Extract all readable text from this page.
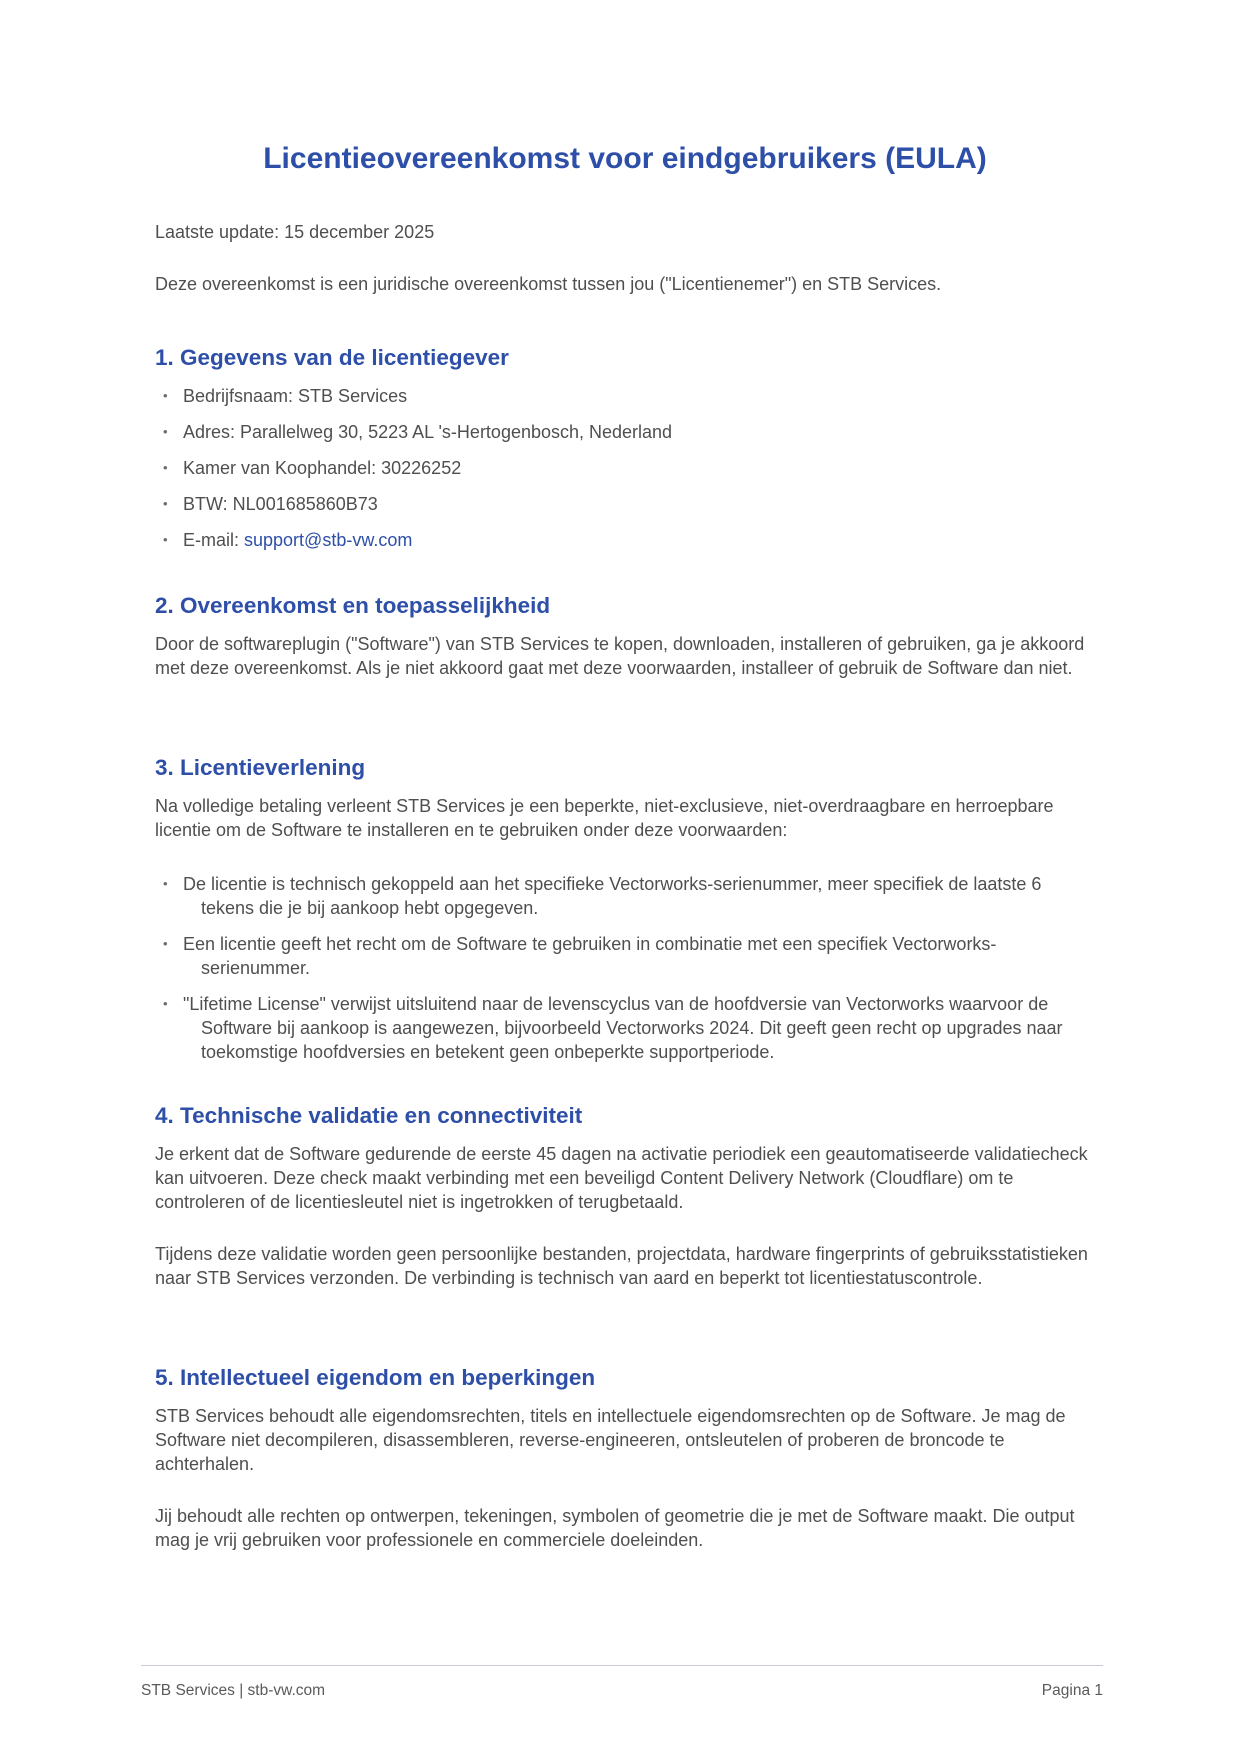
Licentieovereenkomst voor eindgebruikers (EULA)

Laatste update: 15 december 2025

Deze overeenkomst is een juridische overeenkomst tussen jou ("Licentienemer") en STB Services.

1. Gegevens van de licentiegever
• Bedrijfsnaam: STB Services
• Adres: Parallelweg 30, 5223 AL 's-Hertogenbosch, Nederland
• Kamer van Koophandel: 30226252
• BTW: NL001685860B73
• E-mail: support@stb-vw.com
2. Overeenkomst en toepasselijkheid

Door de softwareplugin ("Software") van STB Services te kopen, downloaden, installeren of gebruiken, ga je akkoord met deze overeenkomst. Als je niet akkoord gaat met deze voorwaarden, installeer of gebruik de Software dan niet.

3. Licentieverlening

Na volledige betaling verleent STB Services je een beperkte, niet-exclusieve, niet-overdraagbare en herroepbare licentie om de Software te installeren en te gebruiken onder deze voorwaarden:

• De licentie is technisch gekoppeld aan het specifieke Vectorworks-serienummer, meer specifiek de laatste 6 tekens die je bij aankoop hebt opgegeven.
• Een licentie geeft het recht om de Software te gebruiken in combinatie met een specifiek Vectorworks-serienummer.
• "Lifetime License" verwijst uitsluitend naar de levenscyclus van de hoofdversie van Vectorworks waarvoor de Software bij aankoop is aangewezen, bijvoorbeeld Vectorworks 2024. Dit geeft geen recht op upgrades naar toekomstige hoofdversies en betekent geen onbeperkte supportperiode.
4. Technische validatie en connectiviteit

Je erkent dat de Software gedurende de eerste 45 dagen na activatie periodiek een geautomatiseerde validatiecheck kan uitvoeren. Deze check maakt verbinding met een beveiligd Content Delivery Network (Cloudflare) om te controleren of de licentiesleutel niet is ingetrokken of terugbetaald.

Tijdens deze validatie worden geen persoonlijke bestanden, projectdata, hardware fingerprints of gebruiksstatistieken naar STB Services verzonden. De verbinding is technisch van aard en beperkt tot licentiestatuscontrole.

5. Intellectueel eigendom en beperkingen

STB Services behoudt alle eigendomsrechten, titels en intellectuele eigendomsrechten op de Software. Je mag de Software niet decompileren, disassembleren, reverse-engineeren, ontsleutelen of proberen de broncode te achterhalen.

Jij behoudt alle rechten op ontwerpen, tekeningen, symbolen of geometrie die je met de Software maakt. Die output mag je vrij gebruiken voor professionele en commerciele doeleinden.

STB Services | stb-vw.com	Pagina 1
